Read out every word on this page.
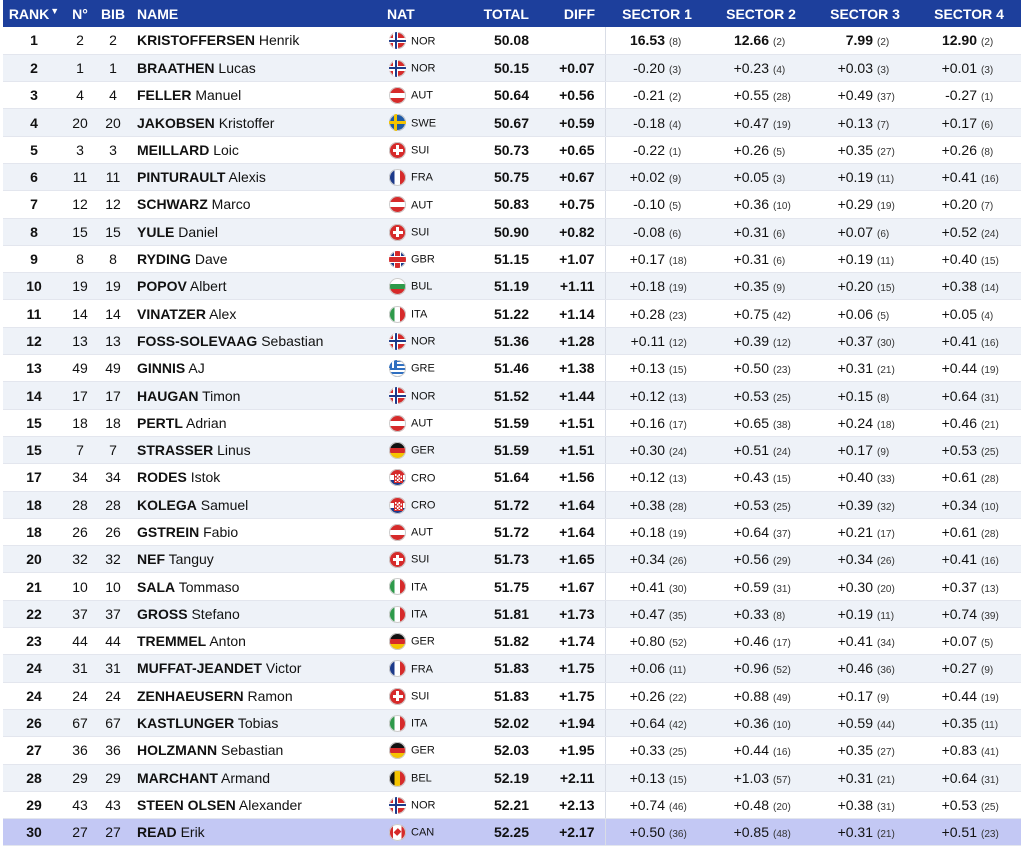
RANK▼	N°	BIB	NAME	NAT	TOTAL	DIFF	SECTOR 1	SECTOR 2	SECTOR 3	SECTOR 4
1	2	2	KRISTOFFERSEN Henrik	NOR	50.08		16.53 (8)	12.66 (2)	7.99 (2)	12.90 (2)
2	1	1	BRAATHEN Lucas	NOR	50.15	+0.07	-0.20 (3)	+0.23 (4)	+0.03 (3)	+0.01 (3)
3	4	4	FELLER Manuel	AUT	50.64	+0.56	-0.21 (2)	+0.55 (28)	+0.49 (37)	-0.27 (1)
4	20	20	JAKOBSEN Kristoffer	SWE	50.67	+0.59	-0.18 (4)	+0.47 (19)	+0.13 (7)	+0.17 (6)
5	3	3	MEILLARD Loic	SUI	50.73	+0.65	-0.22 (1)	+0.26 (5)	+0.35 (27)	+0.26 (8)
6	11	11	PINTURAULT Alexis	FRA	50.75	+0.67	+0.02 (9)	+0.05 (3)	+0.19 (11)	+0.41 (16)
7	12	12	SCHWARZ Marco	AUT	50.83	+0.75	-0.10 (5)	+0.36 (10)	+0.29 (19)	+0.20 (7)
8	15	15	YULE Daniel	SUI	50.90	+0.82	-0.08 (6)	+0.31 (6)	+0.07 (6)	+0.52 (24)
9	8	8	RYDING Dave	GBR	51.15	+1.07	+0.17 (18)	+0.31 (6)	+0.19 (11)	+0.40 (15)
10	19	19	POPOV Albert	BUL	51.19	+1.11	+0.18 (19)	+0.35 (9)	+0.20 (15)	+0.38 (14)
11	14	14	VINATZER Alex	ITA	51.22	+1.14	+0.28 (23)	+0.75 (42)	+0.06 (5)	+0.05 (4)
12	13	13	FOSS-SOLEVAAG Sebastian	NOR	51.36	+1.28	+0.11 (12)	+0.39 (12)	+0.37 (30)	+0.41 (16)
13	49	49	GINNIS AJ	GRE	51.46	+1.38	+0.13 (15)	+0.50 (23)	+0.31 (21)	+0.44 (19)
14	17	17	HAUGAN Timon	NOR	51.52	+1.44	+0.12 (13)	+0.53 (25)	+0.15 (8)	+0.64 (31)
15	18	18	PERTL Adrian	AUT	51.59	+1.51	+0.16 (17)	+0.65 (38)	+0.24 (18)	+0.46 (21)
15	7	7	STRASSER Linus	GER	51.59	+1.51	+0.30 (24)	+0.51 (24)	+0.17 (9)	+0.53 (25)
17	34	34	RODES Istok	CRO	51.64	+1.56	+0.12 (13)	+0.43 (15)	+0.40 (33)	+0.61 (28)
18	28	28	KOLEGA Samuel	CRO	51.72	+1.64	+0.38 (28)	+0.53 (25)	+0.39 (32)	+0.34 (10)
18	26	26	GSTREIN Fabio	AUT	51.72	+1.64	+0.18 (19)	+0.64 (37)	+0.21 (17)	+0.61 (28)
20	32	32	NEF Tanguy	SUI	51.73	+1.65	+0.34 (26)	+0.56 (29)	+0.34 (26)	+0.41 (16)
21	10	10	SALA Tommaso	ITA	51.75	+1.67	+0.41 (30)	+0.59 (31)	+0.30 (20)	+0.37 (13)
22	37	37	GROSS Stefano	ITA	51.81	+1.73	+0.47 (35)	+0.33 (8)	+0.19 (11)	+0.74 (39)
23	44	44	TREMMEL Anton	GER	51.82	+1.74	+0.80 (52)	+0.46 (17)	+0.41 (34)	+0.07 (5)
24	31	31	MUFFAT-JEANDET Victor	FRA	51.83	+1.75	+0.06 (11)	+0.96 (52)	+0.46 (36)	+0.27 (9)
24	24	24	ZENHAEUSERN Ramon	SUI	51.83	+1.75	+0.26 (22)	+0.88 (49)	+0.17 (9)	+0.44 (19)
26	67	67	KASTLUNGER Tobias	ITA	52.02	+1.94	+0.64 (42)	+0.36 (10)	+0.59 (44)	+0.35 (11)
27	36	36	HOLZMANN Sebastian	GER	52.03	+1.95	+0.33 (25)	+0.44 (16)	+0.35 (27)	+0.83 (41)
28	29	29	MARCHANT Armand	BEL	52.19	+2.11	+0.13 (15)	+1.03 (57)	+0.31 (21)	+0.64 (31)
29	43	43	STEEN OLSEN Alexander	NOR	52.21	+2.13	+0.74 (46)	+0.48 (20)	+0.38 (31)	+0.53 (25)
30	27	27	READ Erik	CAN	52.25	+2.17	+0.50 (36)	+0.85 (48)	+0.31 (21)	+0.51 (23)
